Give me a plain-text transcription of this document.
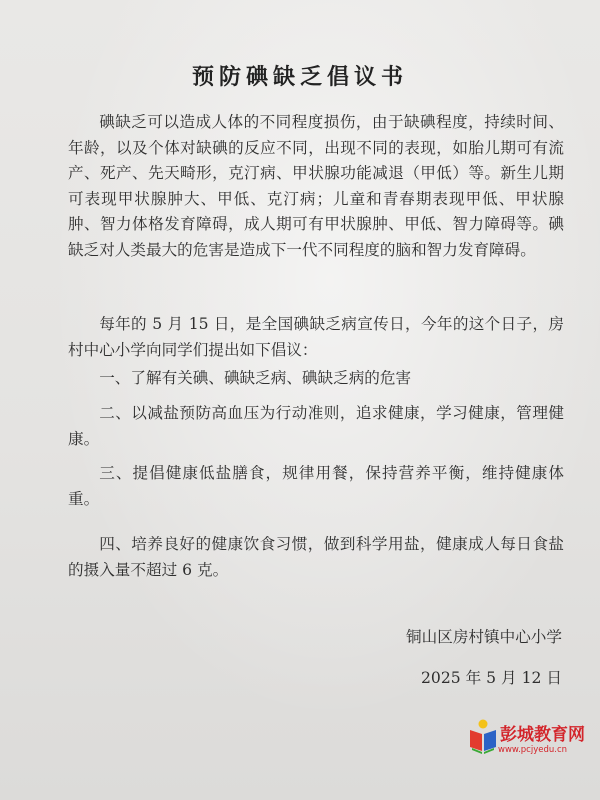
预防碘缺乏倡议书

碘缺乏可以造成人体的不同程度损伤，由于缺碘程度，持续时间、年龄，以及个体对缺碘的反应不同，出现不同的表现，如胎儿期可有流产、死产、先天畸形，克汀病、甲状腺功能减退（甲低）等。新生儿期可表现甲状腺肿大、甲低、克汀病；儿童和青春期表现甲低、甲状腺肿、智力体格发育障碍，成人期可有甲状腺肿、甲低、智力障碍等。碘缺乏对人类最大的危害是造成下一代不同程度的脑和智力发育障碍。

每年的 5 月 15 日，是全国碘缺乏病宣传日，今年的这个日子，房村中心小学向同学们提出如下倡议：

一、了解有关碘、碘缺乏病、碘缺乏病的危害

二、以减盐预防高血压为行动准则，追求健康，学习健康，管理健康。

三、提倡健康低盐膳食，规律用餐，保持营养平衡，维持健康体重。

四、培养良好的健康饮食习惯，做到科学用盐，健康成人每日食盐的摄入量不超过 6 克。

铜山区房村镇中心小学
2025 年 5 月 12 日
彭城教育网
www.pcjyedu.cn
